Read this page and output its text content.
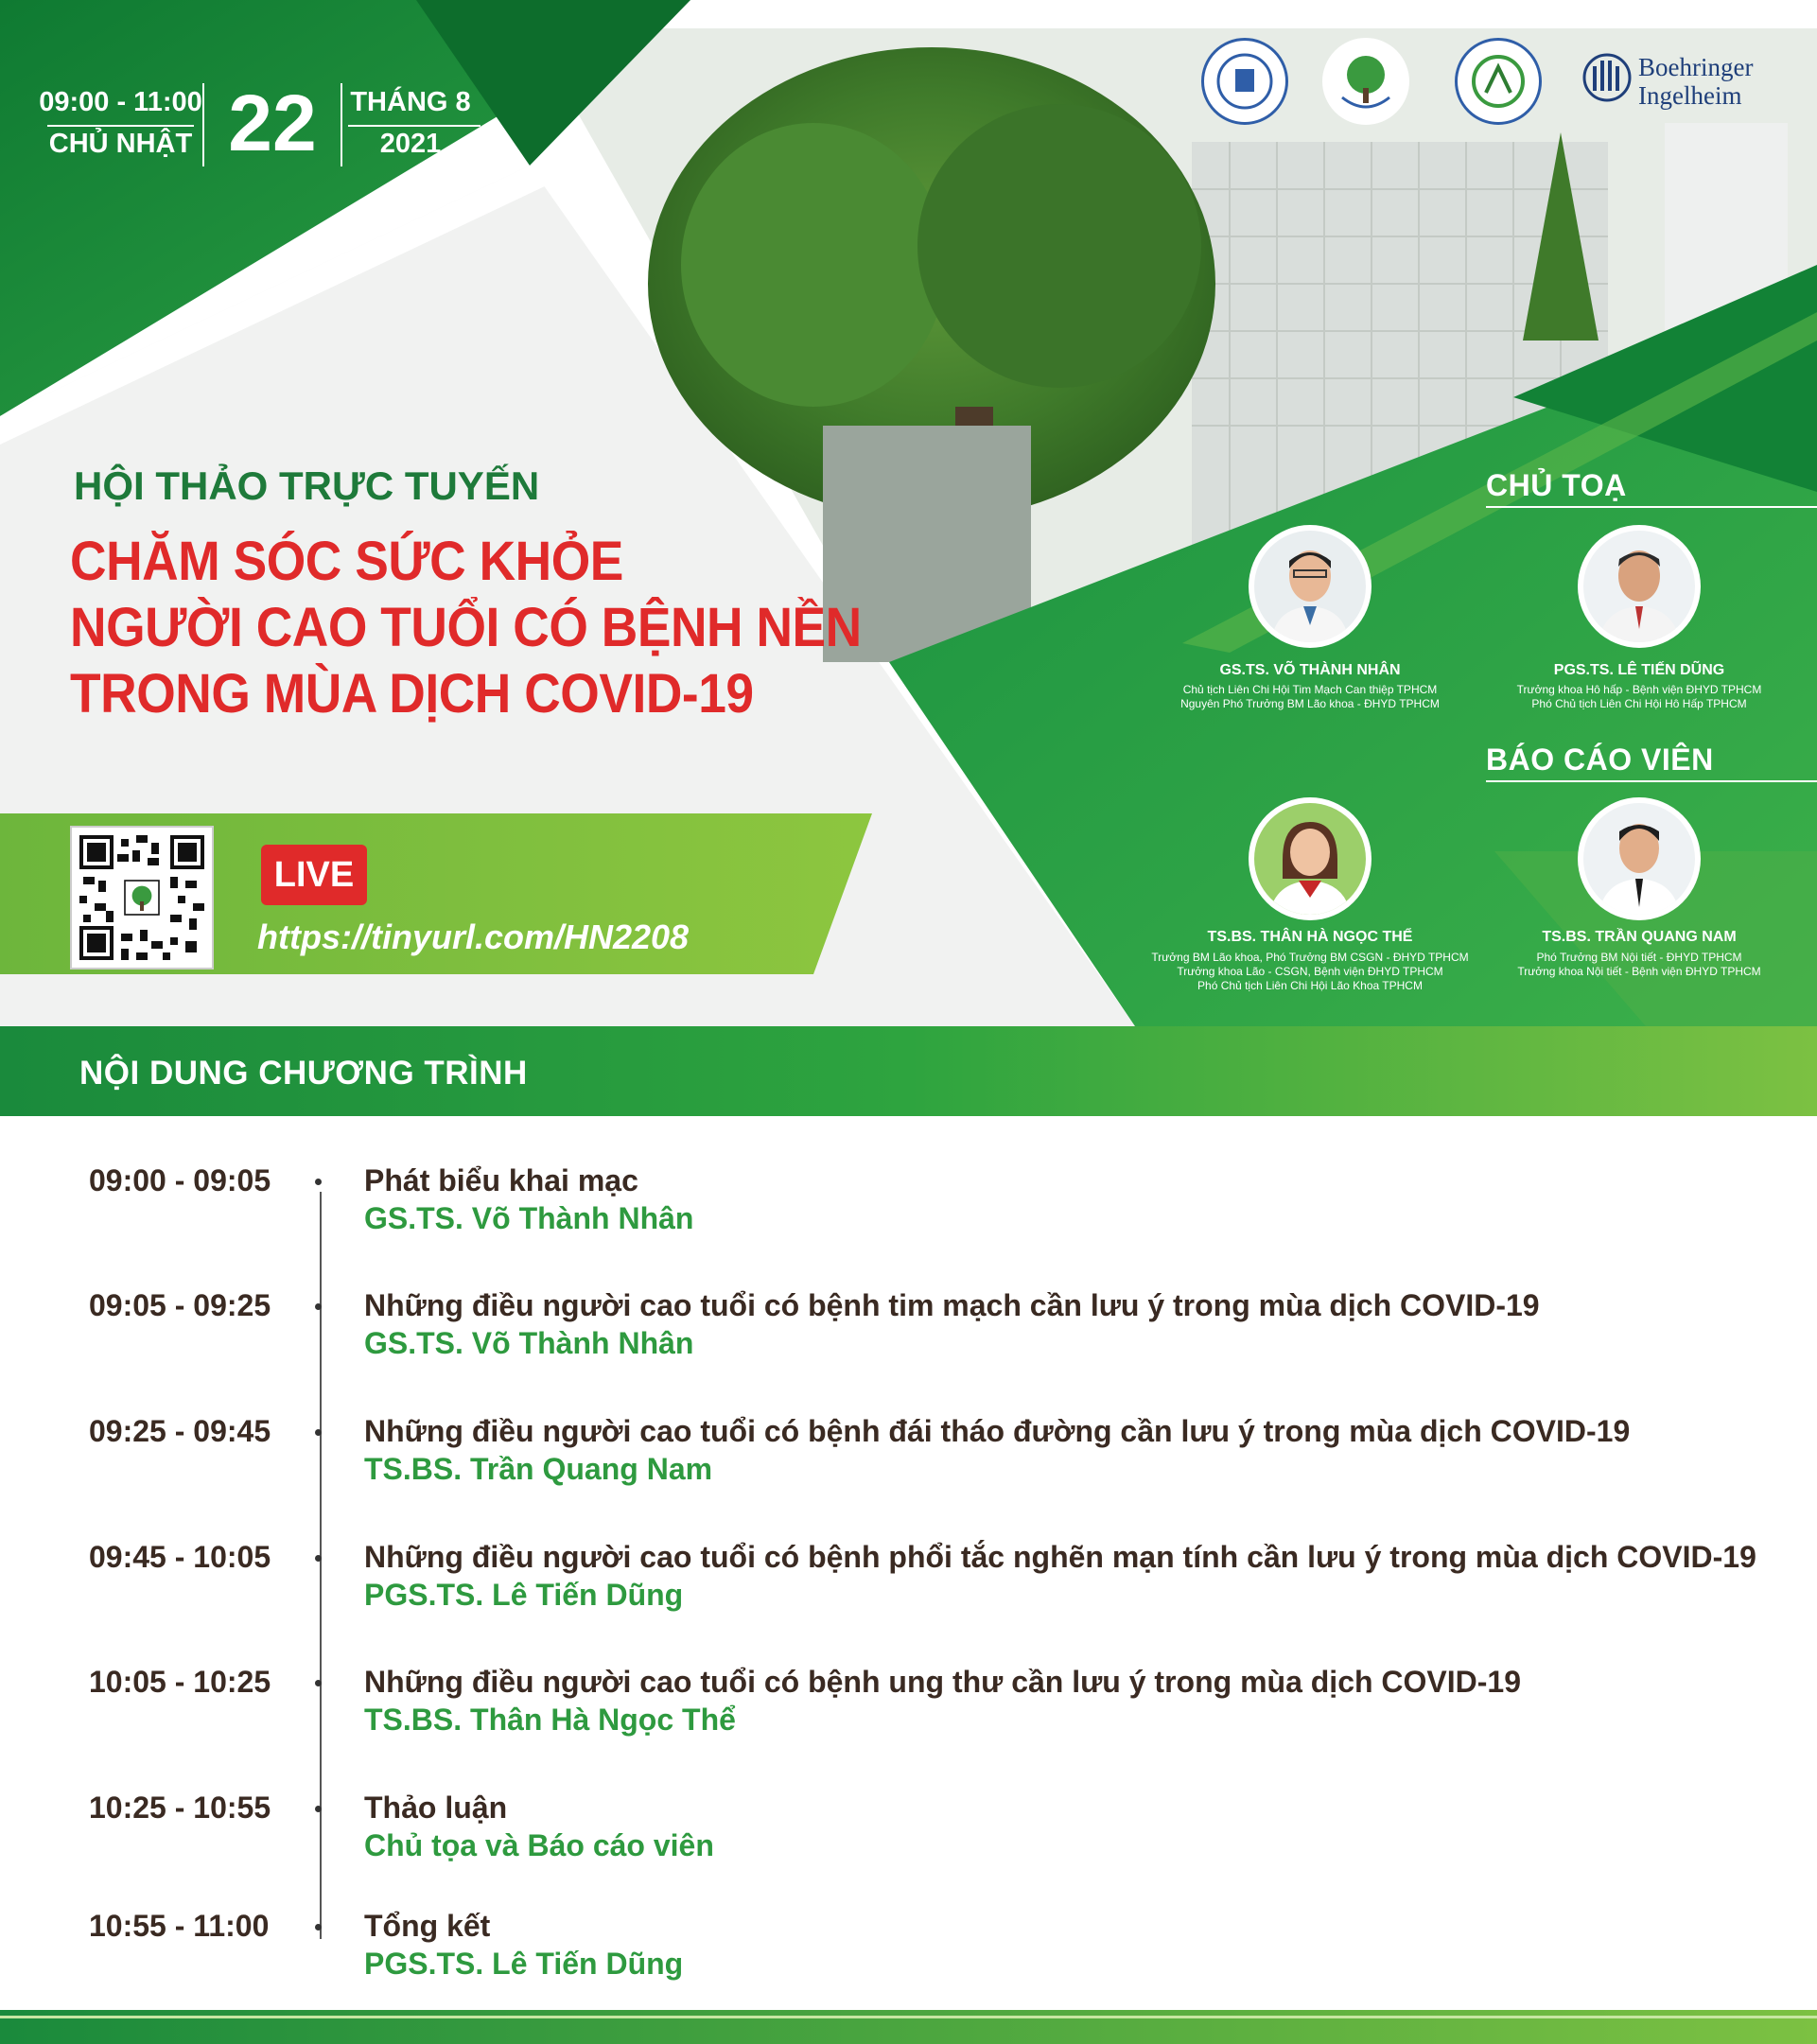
09:00 - 11:00
CHỦ NHẬT 22	THÁNG 8
2021
Boehringer
Ingelheim
HỘI THẢO TRỰC TUYẾN
CHĂM SÓC SỨC KHỎE
NGƯỜI CAO TUỔI CÓ BỆNH NỀN
TRONG MÙA DỊCH COVID-19
LIVE
https://tinyurl.com/HN2208
CHỦ TOẠ
GS.TS. VÕ THÀNH NHÂN
Chủ tịch Liên Chi Hội Tim Mạch Can thiệp TPHCM
Nguyên Phó Trưởng BM Lão khoa - ĐHYD TPHCM
PGS.TS. LÊ TIẾN DŨNG
Trưởng khoa Hô hấp - Bệnh viện ĐHYD TPHCM
Phó Chủ tịch Liên Chi Hội Hô Hấp TPHCM
BÁO CÁO VIÊN
TS.BS. THÂN HÀ NGỌC THỂ
Trưởng BM Lão khoa, Phó Trưởng BM CSGN - ĐHYD TPHCM
Trưởng khoa Lão - CSGN, Bệnh viện ĐHYD TPHCM
Phó Chủ tịch Liên Chi Hội Lão Khoa TPHCM
TS.BS. TRẦN QUANG NAM
Phó Trưởng BM Nội tiết - ĐHYD TPHCM
Trưởng khoa Nội tiết - Bệnh viện ĐHYD TPHCM
NỘI DUNG CHƯƠNG TRÌNH
09:00 - 09:05	Phát biểu khai mạc
GS.TS. Võ Thành Nhân
09:05 - 09:25	Những điều người cao tuổi có bệnh tim mạch cần lưu ý trong mùa dịch COVID-19
GS.TS. Võ Thành Nhân
09:25 - 09:45	Những điều người cao tuổi có bệnh đái tháo đường cần lưu ý trong mùa dịch COVID-19
TS.BS. Trần Quang Nam
09:45 - 10:05	Những điều người cao tuổi có bệnh phổi tắc nghẽn mạn tính cần lưu ý trong mùa dịch COVID-19
PGS.TS. Lê Tiến Dũng
10:05 - 10:25	Những điều người cao tuổi có bệnh ung thư cần lưu ý trong mùa dịch COVID-19
TS.BS. Thân Hà Ngọc Thể
10:25 - 10:55	Thảo luận
Chủ tọa và Báo cáo viên
10:55 - 11:00	Tổng kết
PGS.TS. Lê Tiến Dũng
